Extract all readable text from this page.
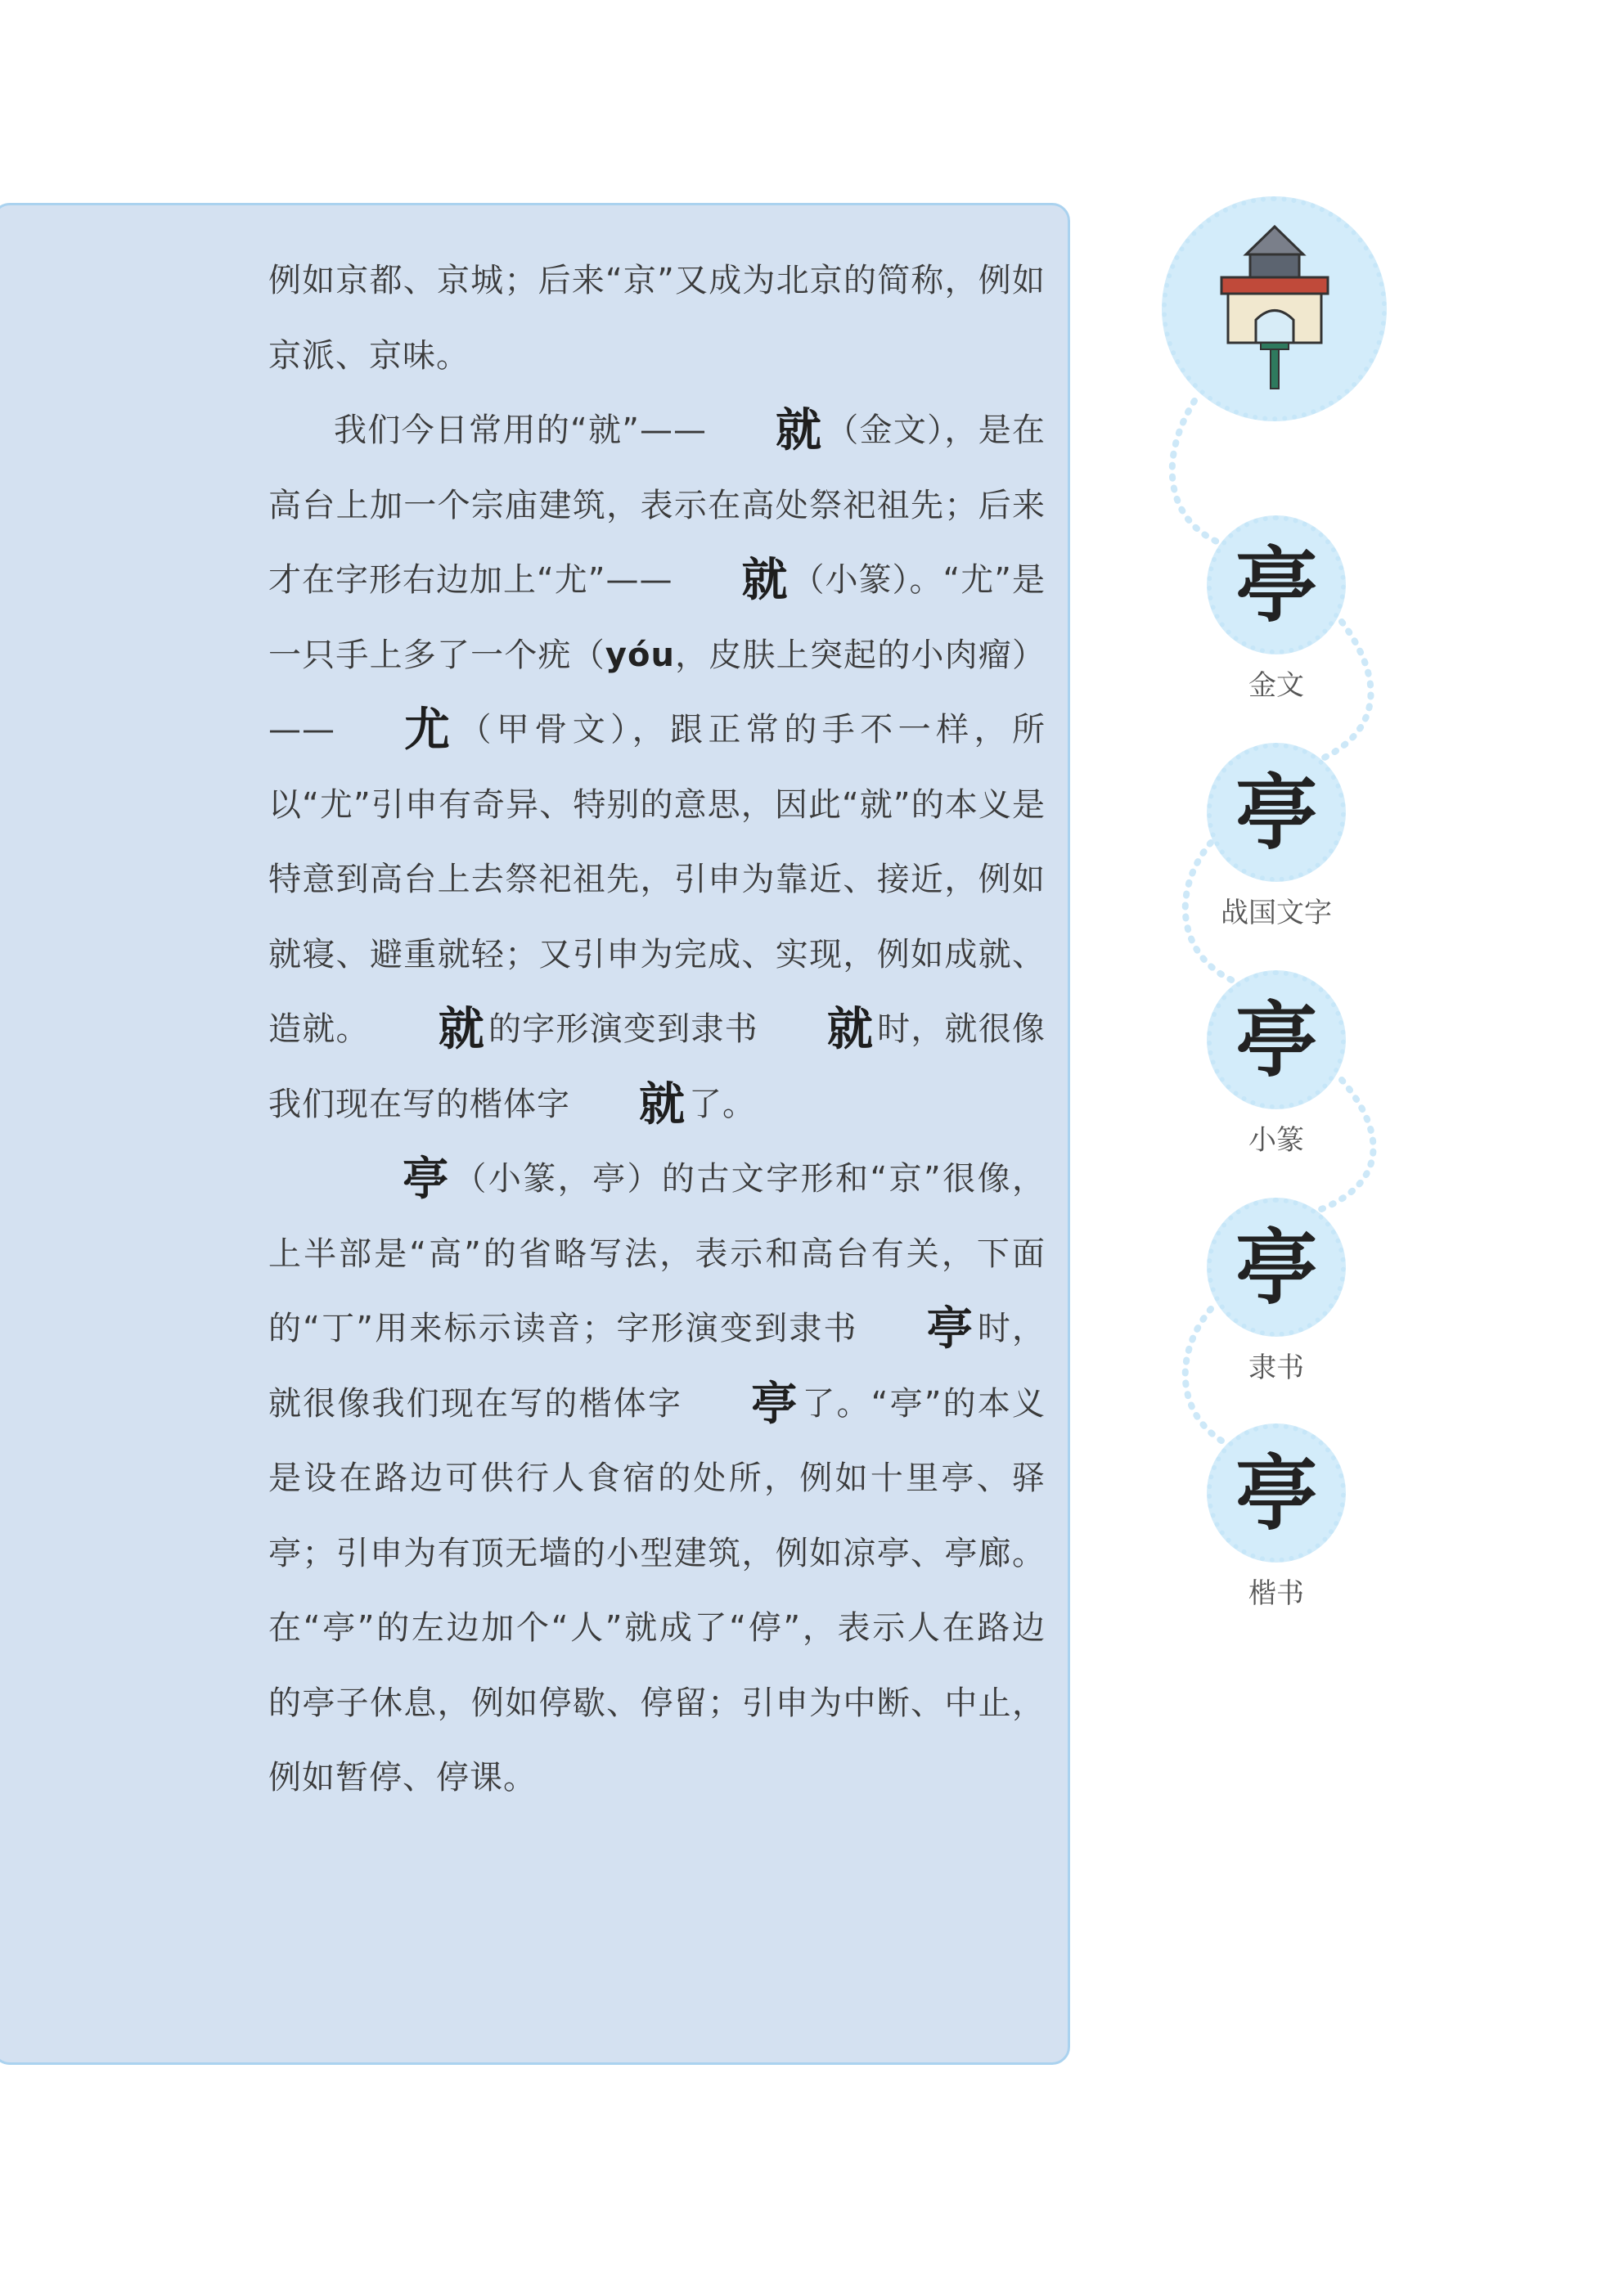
例如京都、京城；后来“京”又成为北京的简称，例如京派、京味。

我们今日常用的“就”—— 就 （金文），是在高台上加一个宗庙建筑，表示在高处祭祀祖先；后来才在字形右边加上“尤”—— 就 （小篆）。“尤”是一只手上多了一个疣（yóu，皮肤上突起的小肉瘤）—— 尤 （甲骨文），跟正常的手不一样，所以“尤”引申有奇异、特别的意思，因此“就”的本义是特意到高台上去祭祀祖先，引申为靠近、接近，例如就寝、避重就轻；又引申为完成、实现，例如成就、造就。 就 的字形演变到隶书 就 时，就很像我们现在写的楷体字 就 了。

亭 （小篆，亭）的古文字形和“京”很像，上半部是“高”的省略写法，表示和高台有关，下面的“丁”用来标示读音；字形演变到隶书 亭 时，就很像我们现在写的楷体字 亭 了。“亭”的本义是设在路边可供行人食宿的处所，例如十里亭、驿亭；引申为有顶无墙的小型建筑，例如凉亭、亭廊。在“亭”的左边加个“人”就成了“停”，表示人在路边的亭子休息，例如停歇、停留；引申为中断、中止，例如暂停、停课。

亭
金文
亭
战国文字
亭
小篆
亭
隶书
亭
楷书
